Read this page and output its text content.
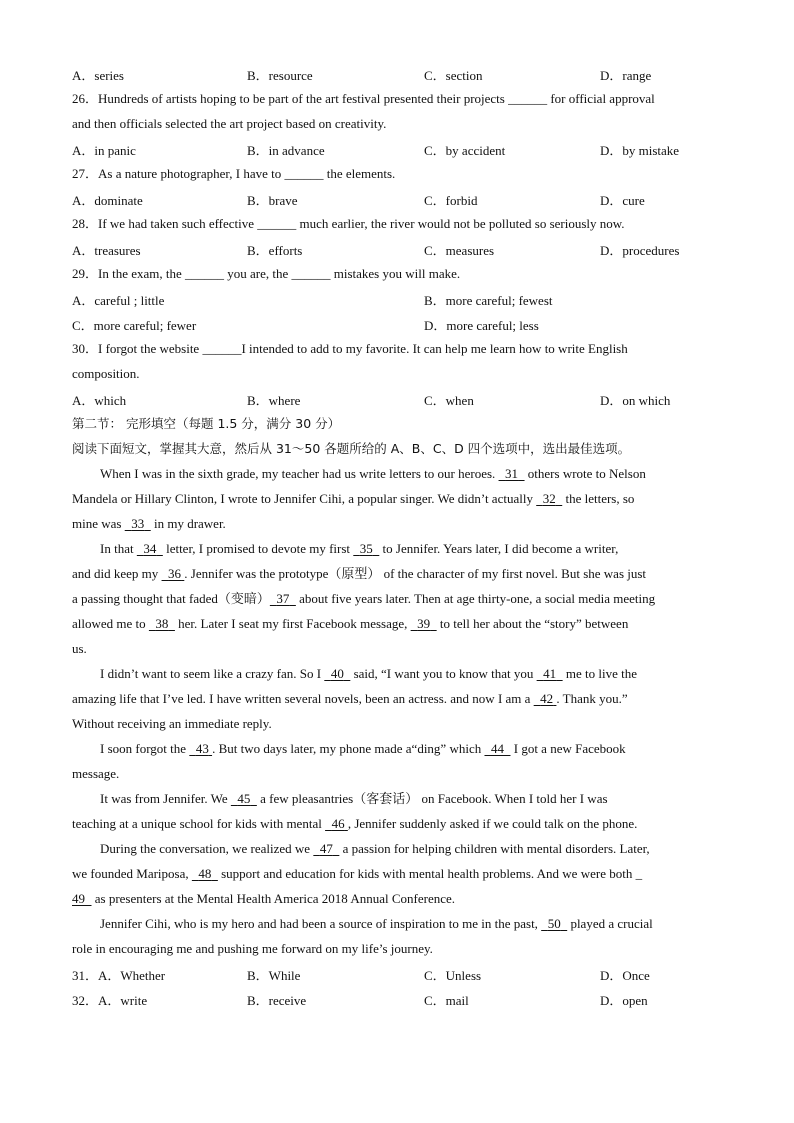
A．series	B．resource	C．section	D．range
26．Hundreds of artists hoping to be part of the art festival presented their projects ______ for official approval
and then officials selected the art project based on creativity.
A．in panic	B．in advance	C．by accident	D．by mistake
27．As a nature photographer, I have to ______ the elements.
A．dominate	B．brave	C．forbid	D．cure
28．If we had taken such effective ______ much earlier, the river would not be polluted so seriously now.
A．treasures	B．efforts	C．measures	D．procedures
29．In the exam, the ______ you are, the ______ mistakes you will make.
A．careful ; little	B．more careful; fewest
C．more careful; fewer	D．more careful; less
30．I forgot the website ______I intended to add to my favorite. It can help me learn how to write English
composition.
A．which	B．where	C．when	D．on which
第二节： 完形填空（每题 1.5 分，满分 30 分）
阅读下面短文，掌握其大意，然后从 31～50 各题所给的 A、B、C、D 四个选项中，选出最佳选项。
When I was in the sixth grade, my teacher had us write letters to our heroes.   31   others wrote to Nelson
Mandela or Hillary Clinton, I wrote to Jennifer Cihi, a popular singer. We didn’t actually   32   the letters, so
mine was   33   in my drawer.
In that   34   letter, I promised to devote my first   35   to Jennifer. Years later, I did become a writer,
and did keep my   36 . Jennifer was the prototype（原型） of the character of my first novel. But she was just
a passing thought that faded（变暗） 37   about five years later. Then at age thirty-one, a social media meeting
allowed me to   38   her. Later I seat my first Facebook message,   39   to tell her about the “story” between
us.
I didn’t want to seem like a crazy fan. So I   40   said, “I want you to know that you   41   me to live the
amazing life that I’ve led. I have written several novels, been an actress. and now I am a   42 . Thank you.”
Without receiving an immediate reply.
I soon forgot the   43 . But two days later, my phone made a“ding” which   44   I got a new Facebook
message.
It was from Jennifer. We   45   a few pleasantries（客套话） on Facebook. When I told her I was
teaching at a unique school for kids with mental   46 , Jennifer suddenly asked if we could talk on the phone.
During the conversation, we realized we   47   a passion for helping children with mental disorders. Later,
we founded Mariposa,   48   support and education for kids with mental health problems. And we were both _
49   as presenters at the Mental Health America 2018 Annual Conference.
Jennifer Cihi, who is my hero and had been a source of inspiration to me in the past,   50   played a crucial
role in encouraging me and pushing me forward on my life’s journey.
31．A．Whether	B．While	C．Unless	D．Once
32．A．write	B．receive	C．mail	D．open
